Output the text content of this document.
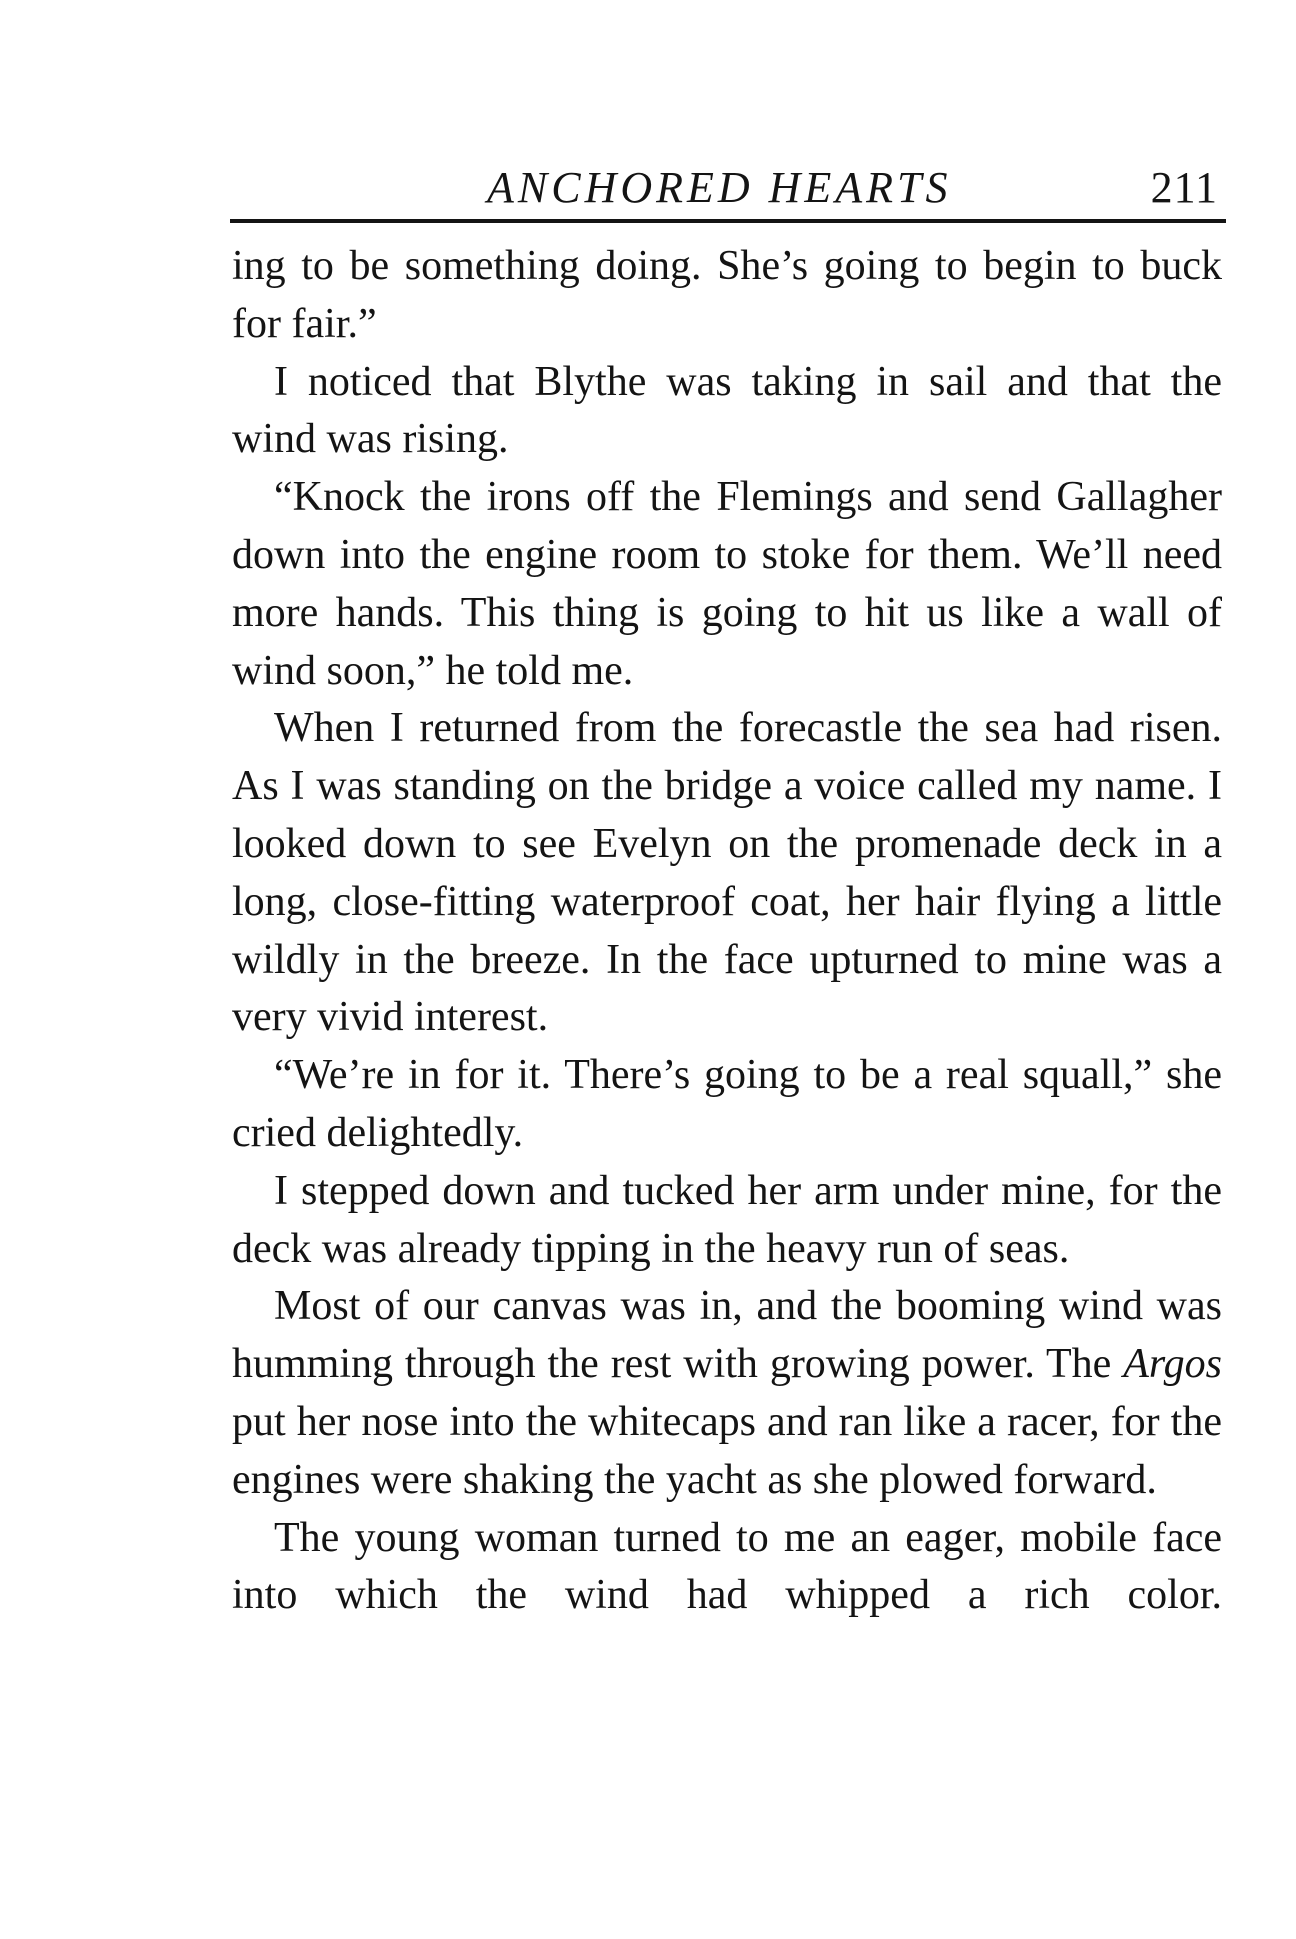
ANCHORED HEARTS	211

ing to be something doing. She’s going to begin to buck for fair.”

I noticed that Blythe was taking in sail and that the wind was rising.

“Knock the irons off the Flemings and send Gallagher down into the engine room to stoke for them. We’ll need more hands. This thing is going to hit us like a wall of wind soon,” he told me.

When I returned from the forecastle the sea had risen. As I was standing on the bridge a voice called my name. I looked down to see Evelyn on the promenade deck in a long, close-fitting waterproof coat, her hair flying a little wildly in the breeze. In the face upturned to mine was a very vivid interest.

“We’re in for it. There’s going to be a real squall,” she cried delightedly.

I stepped down and tucked her arm under mine, for the deck was already tipping in the heavy run of seas.

Most of our canvas was in, and the booming wind was humming through the rest with growing power. The Argos put her nose into the whitecaps and ran like a racer, for the engines were shaking the yacht as she plowed forward.

The young woman turned to me an eager, mobile face into which the wind had whipped a rich color.
